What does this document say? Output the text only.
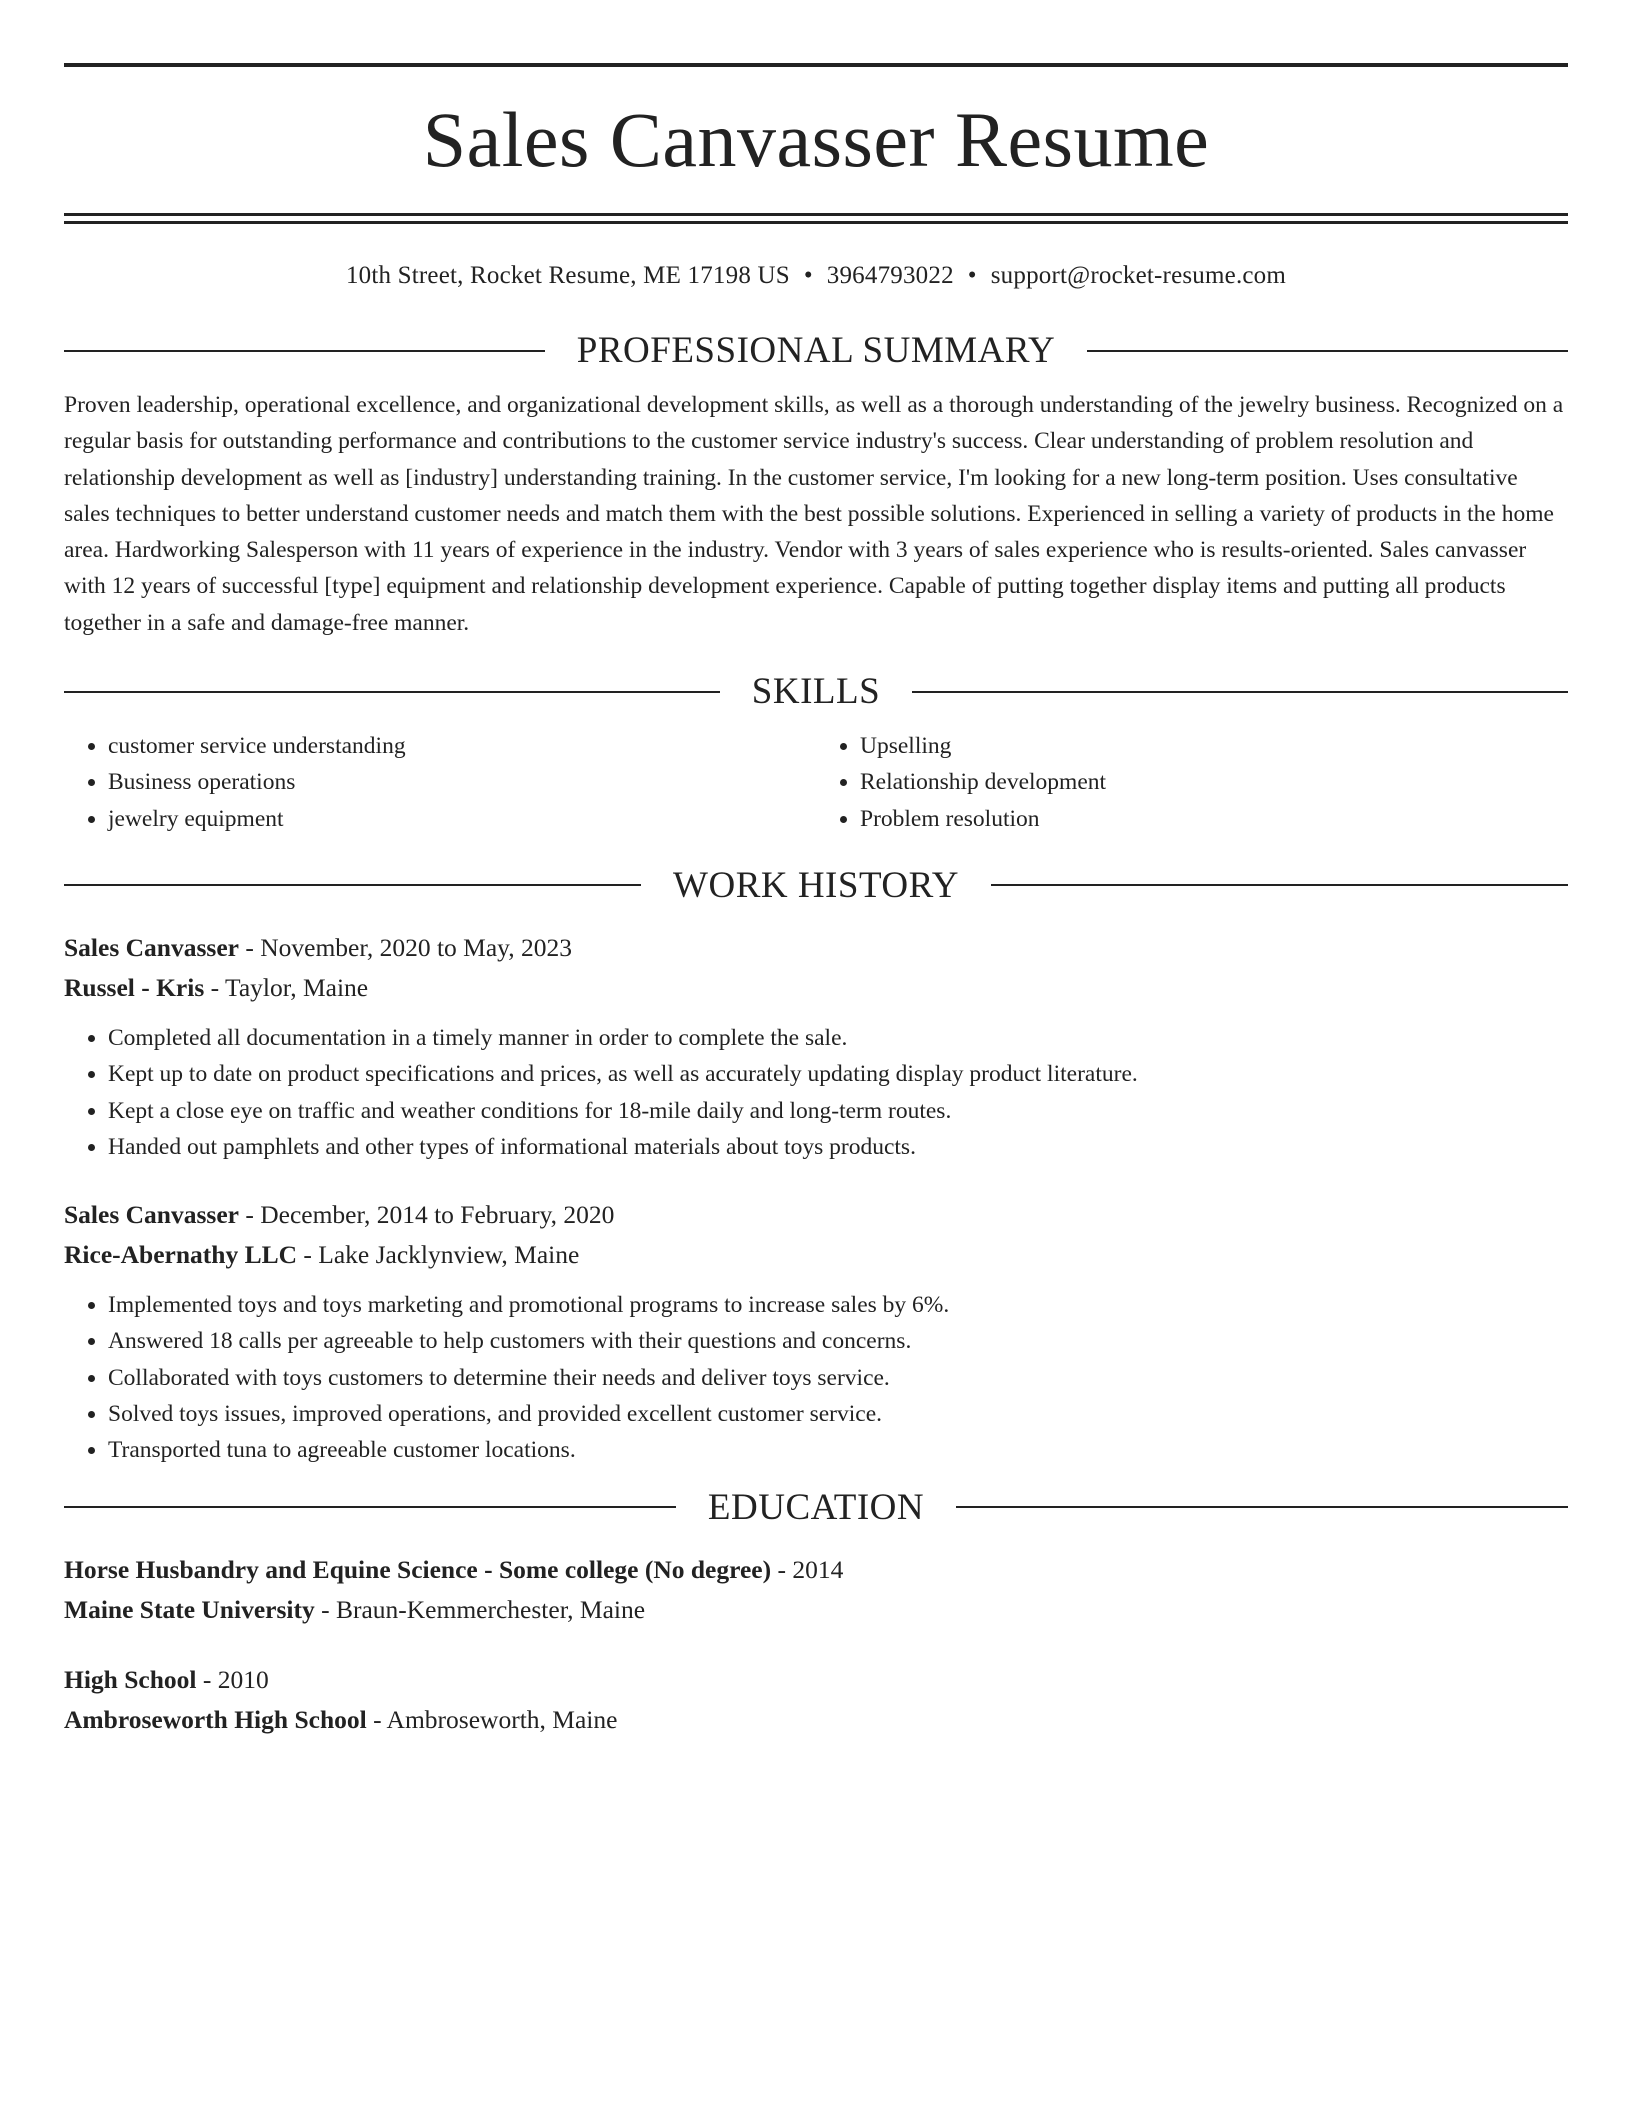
Sales Canvasser Resume
10th Street, Rocket Resume, ME 17198 US • 3964793022 • support@rocket-resume.com
PROFESSIONAL SUMMARY

Proven leadership, operational excellence, and organizational development skills, as well as a thorough understanding of the jewelry business. Recognized on a regular basis for outstanding performance and contributions to the customer service industry's success. Clear understanding of problem resolution and relationship development as well as [industry] understanding training. In the customer service, I'm looking for a new long-term position. Uses consultative sales techniques to better understand customer needs and match them with the best possible solutions. Experienced in selling a variety of products in the home area. Hardworking Salesperson with 11 years of experience in the industry. Vendor with 3 years of sales experience who is results-oriented. Sales canvasser with 12 years of successful [type] equipment and relationship development experience. Capable of putting together display items and putting all products together in a safe and damage-free manner.

SKILLS
• customer service understanding
• Business operations
• jewelry equipment
• Upselling
• Relationship development
• Problem resolution
WORK HISTORY
Sales Canvasser - November, 2020 to May, 2023
Russel - Kris - Taylor, Maine
• Completed all documentation in a timely manner in order to complete the sale.
• Kept up to date on product specifications and prices, as well as accurately updating display product literature.
• Kept a close eye on traffic and weather conditions for 18-mile daily and long-term routes.
• Handed out pamphlets and other types of informational materials about toys products.
Sales Canvasser - December, 2014 to February, 2020
Rice-Abernathy LLC - Lake Jacklynview, Maine
• Implemented toys and toys marketing and promotional programs to increase sales by 6%.
• Answered 18 calls per agreeable to help customers with their questions and concerns.
• Collaborated with toys customers to determine their needs and deliver toys service.
• Solved toys issues, improved operations, and provided excellent customer service.
• Transported tuna to agreeable customer locations.
EDUCATION
Horse Husbandry and Equine Science - Some college (No degree) - 2014
Maine State University - Braun-Kemmerchester, Maine
High School - 2010
Ambroseworth High School - Ambroseworth, Maine
